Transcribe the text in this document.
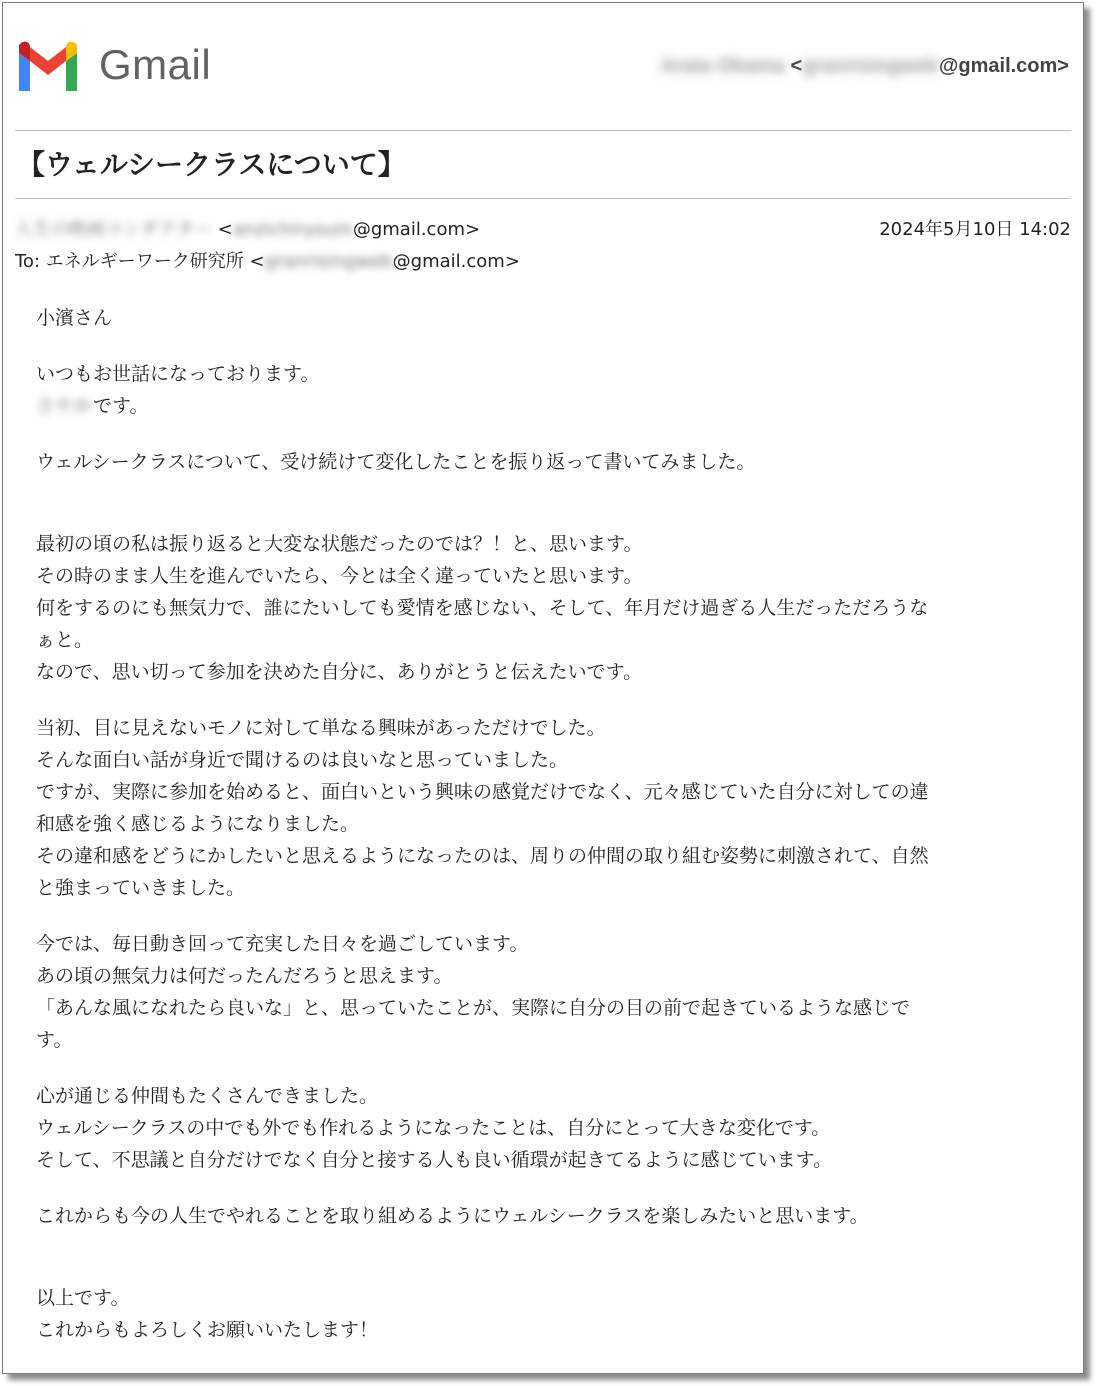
Gmail	Arata Obama <granrisingweb@gmail.com>
【ウェルシークラスについて】
人生の映画コンダクター <anzichiryouin@gmail.com>	2024年5月10日 14:02
To: エネルギーワーク研究所 <granrisingweb@gmail.com>
小濱さん
いつもお世話になっております。
さやかです。
ウェルシークラスについて、受け続けて変化したことを振り返って書いてみました。
最初の頃の私は振り返ると大変な状態だったのでは？！と、思います。
その時のまま人生を進んでいたら、今とは全く違っていたと思います。
何をするのにも無気力で、誰にたいしても愛情を感じない、そして、年月だけ過ぎる人生だっただろうな
ぁと。
なので、思い切って参加を決めた自分に、ありがとうと伝えたいです。
当初、目に見えないモノに対して単なる興味があっただけでした。
そんな面白い話が身近で聞けるのは良いなと思っていました。
ですが、実際に参加を始めると、面白いという興味の感覚だけでなく、元々感じていた自分に対しての違
和感を強く感じるようになりました。
その違和感をどうにかしたいと思えるようになったのは、周りの仲間の取り組む姿勢に刺激されて、自然
と強まっていきました。
今では、毎日動き回って充実した日々を過ごしています。
あの頃の無気力は何だったんだろうと思えます。
「あんな風になれたら良いな」と、思っていたことが、実際に自分の目の前で起きているような感じで
す。
心が通じる仲間もたくさんできました。
ウェルシークラスの中でも外でも作れるようになったことは、自分にとって大きな変化です。
そして、不思議と自分だけでなく自分と接する人も良い循環が起きてるように感じています。
これからも今の人生でやれることを取り組めるようにウェルシークラスを楽しみたいと思います。
以上です。
これからもよろしくお願いいたします！
